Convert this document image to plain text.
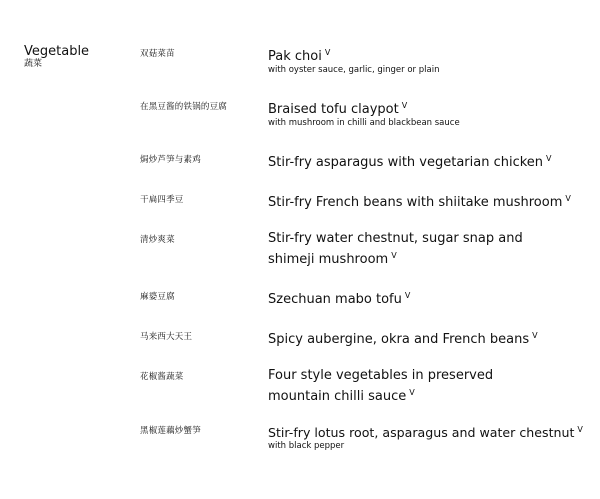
Vegetable
蔬菜
双菇菜苗	Pak choi $^V$
with oyster sauce, garlic, ginger or plain
在黑豆酱的铁锅的豆腐	Braised tofu claypot $^V$
with mushroom in chilli and blackbean sauce
焗炒芦笋与素鸡	Stir-fry asparagus with vegetarian chicken $^V$
干扁四季豆	Stir-fry French beans with shiitake mushroom $^V$
清炒爽菜	Stir-fry water chestnut, sugar snap and shimeji mushroom $^V$
麻婆豆腐	Szechuan mabo tofu $^V$
马来西大天王	Spicy aubergine, okra and French beans $^V$
花椒酱蔬菜	Four style vegetables in preserved mountain chilli sauce $^V$
黑椒莲藕炒蟹笋	Stir-fry lotus root, asparagus and water chestnut $^V$
with black pepper
